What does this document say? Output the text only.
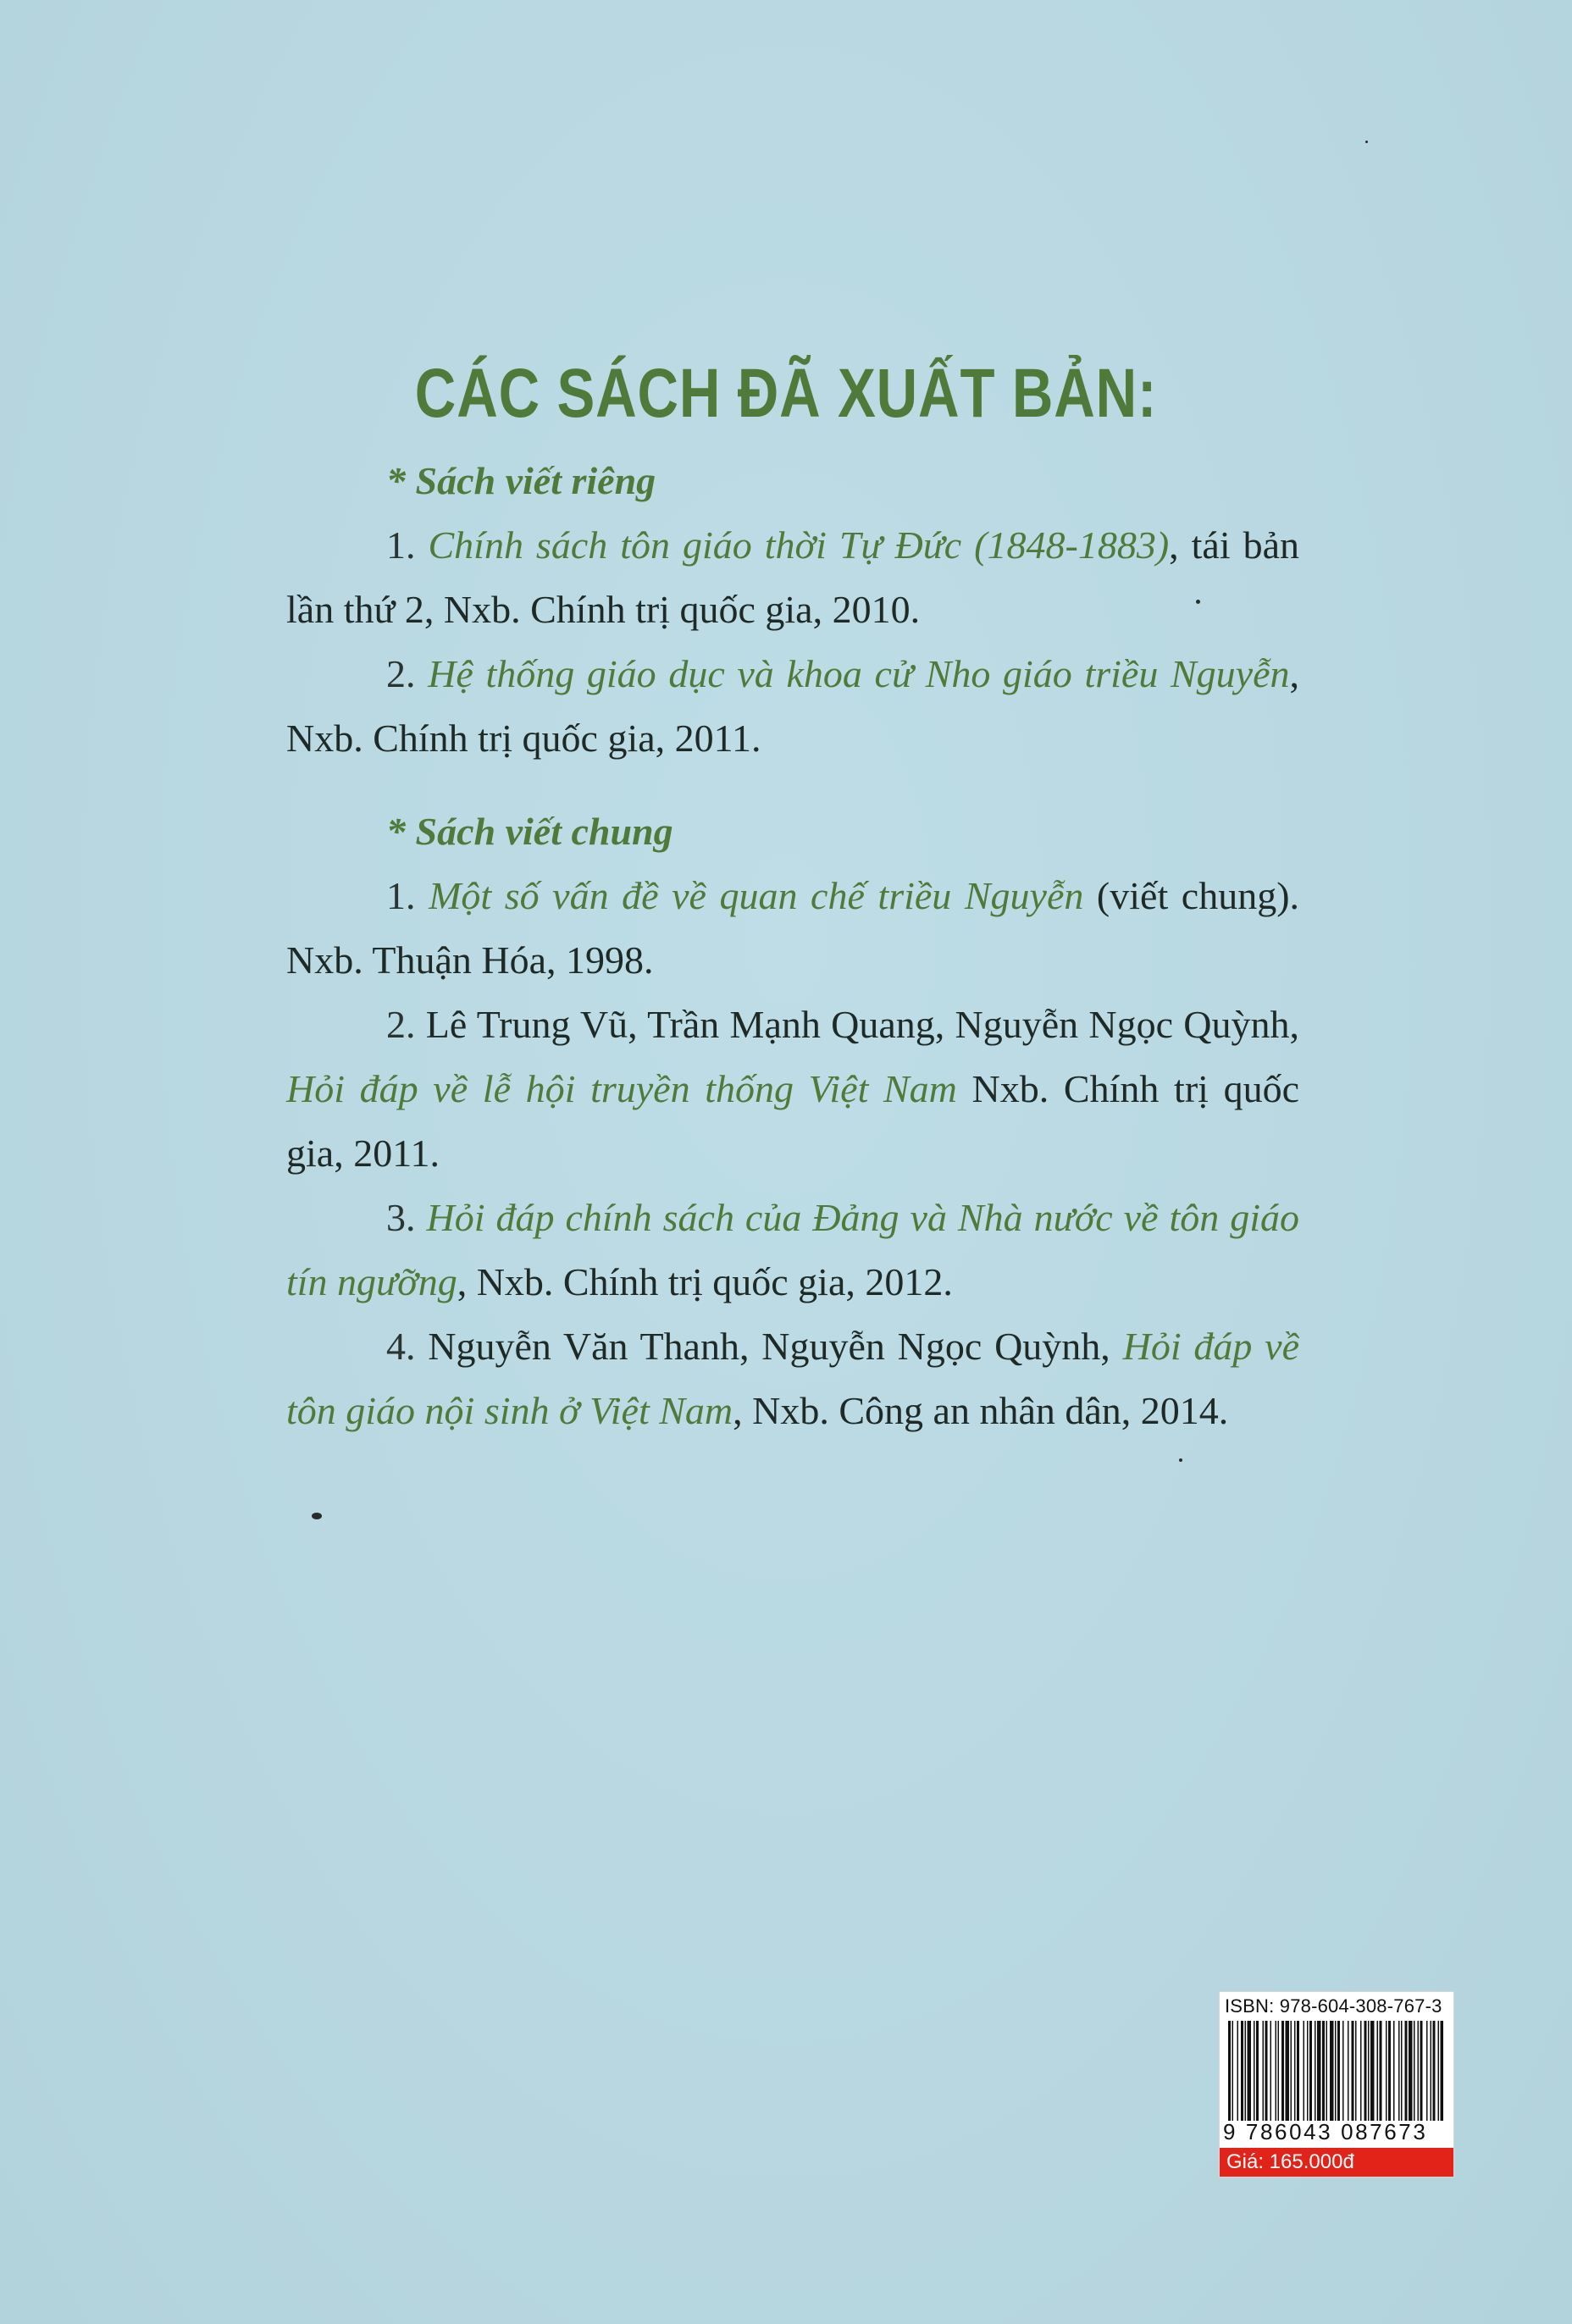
CÁC SÁCH ĐÃ XUẤT BẢN:

* Sách viết riêng

1. Chính sách tôn giáo thời Tự Đức (1848-1883), tái bản lần thứ 2, Nxb. Chính trị quốc gia, 2010.

2. Hệ thống giáo dục và khoa cử Nho giáo triều Nguyễn, Nxb. Chính trị quốc gia, 2011.

* Sách viết chung

1. Một số vấn đề về quan chế triều Nguyễn (viết chung). Nxb. Thuận Hóa, 1998.

2. Lê Trung Vũ, Trần Mạnh Quang, Nguyễn Ngọc Quỳnh, Hỏi đáp về lễ hội truyền thống Việt Nam Nxb. Chính trị quốc gia, 2011.

3. Hỏi đáp chính sách của Đảng và Nhà nước về tôn giáo tín ngưỡng, Nxb. Chính trị quốc gia, 2012.

4. Nguyễn Văn Thanh, Nguyễn Ngọc Quỳnh, Hỏi đáp về tôn giáo nội sinh ở Việt Nam, Nxb. Công an nhân dân, 2014.

ISBN: 978-604-308-767-3
9 786043 087673
Giá: 165.000đ
